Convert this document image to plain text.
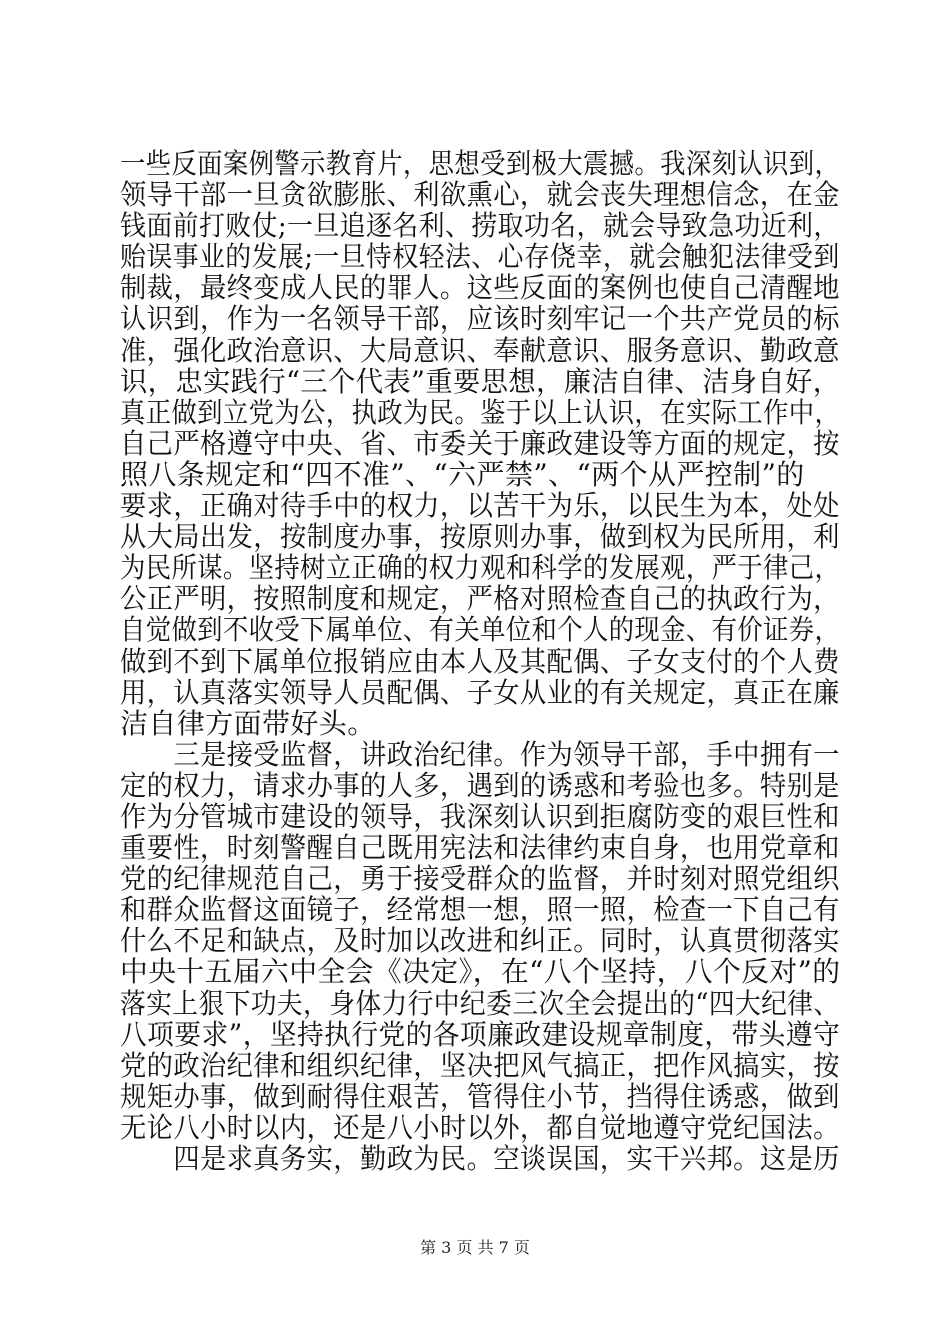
一些反面案例警示教育片，思想受到极大震撼。我深刻认识到，
领导干部一旦贪欲膨胀、利欲熏心，就会丧失理想信念，在金
钱面前打败仗;一旦追逐名利、捞取功名，就会导致急功近利，
贻误事业的发展;一旦恃权轻法、心存侥幸，就会触犯法律受到
制裁，最终变成人民的罪人。这些反面的案例也使自己清醒地
认识到，作为一名领导干部，应该时刻牢记一个共产党员的标
准，强化政治意识、大局意识、奉献意识、服务意识、勤政意
识，忠实践行“三个代表”重要思想，廉洁自律、洁身自好，
真正做到立党为公，执政为民。鉴于以上认识，在实际工作中，
自己严格遵守中央、省、市委关于廉政建设等方面的规定，按
照八条规定和“四不准”、“六严禁”、“两个从严控制”的
要求，正确对待手中的权力，以苦干为乐，以民生为本，处处
从大局出发，按制度办事，按原则办事，做到权为民所用，利
为民所谋。坚持树立正确的权力观和科学的发展观，严于律己，
公正严明，按照制度和规定，严格对照检查自己的执政行为，
自觉做到不收受下属单位、有关单位和个人的现金、有价证券，
做到不到下属单位报销应由本人及其配偶、子女支付的个人费
用，认真落实领导人员配偶、子女从业的有关规定，真正在廉
洁自律方面带好头。
　　三是接受监督，讲政治纪律。作为领导干部，手中拥有一
定的权力，请求办事的人多，遇到的诱惑和考验也多。特别是
作为分管城市建设的领导，我深刻认识到拒腐防变的艰巨性和
重要性，时刻警醒自己既用宪法和法律约束自身，也用党章和
党的纪律规范自己，勇于接受群众的监督，并时刻对照党组织
和群众监督这面镜子，经常想一想，照一照，检查一下自己有
什么不足和缺点，及时加以改进和纠正。同时，认真贯彻落实
中央十五届六中全会《决定》，在“八个坚持，八个反对”的
落实上狠下功夫，身体力行中纪委三次全会提出的“四大纪律、
八项要求”，坚持执行党的各项廉政建设规章制度，带头遵守
党的政治纪律和组织纪律，坚决把风气搞正，把作风搞实，按
规矩办事，做到耐得住艰苦，管得住小节，挡得住诱惑，做到
无论八小时以内，还是八小时以外，都自觉地遵守党纪国法。
　　四是求真务实，勤政为民。空谈误国，实干兴邦。这是历
第 3 页 共 7 页
